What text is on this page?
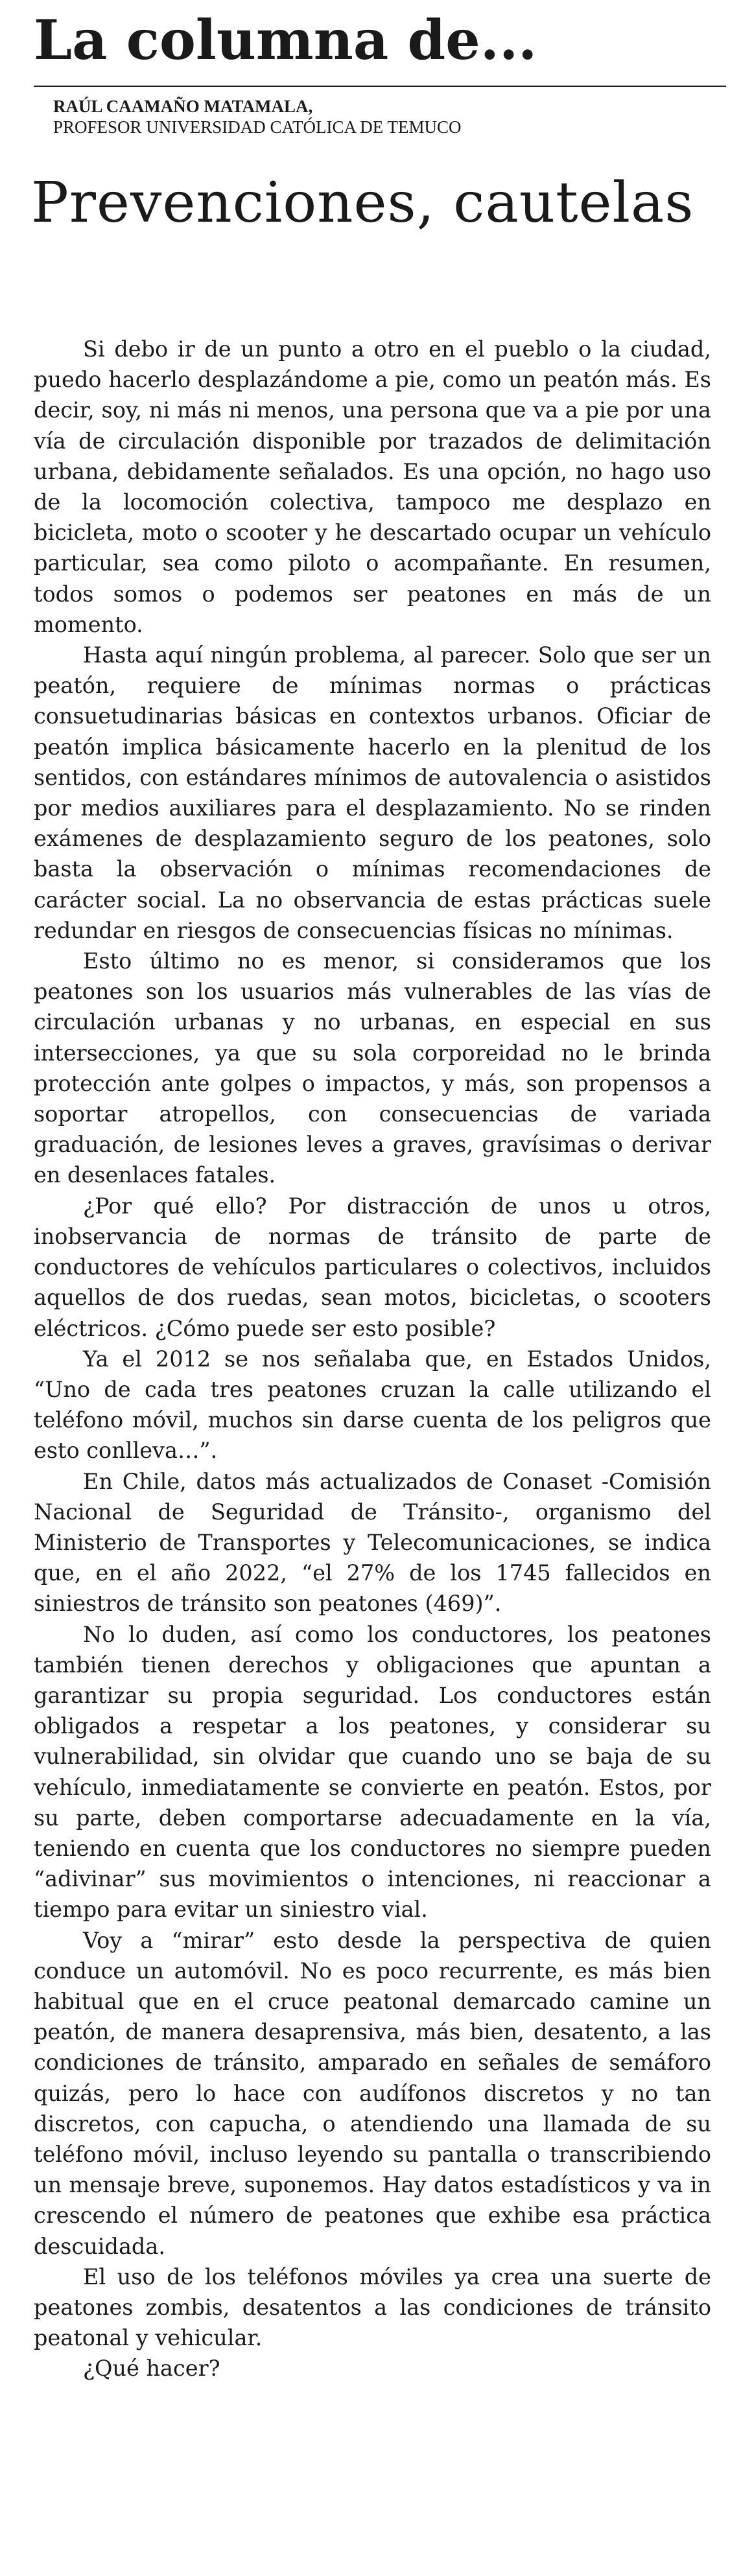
La columna de...

RAÚL CAAMAÑO MATAMALA,

PROFESOR UNIVERSIDAD CATÓLICA DE TEMUCO

Prevenciones, cautelas

Si debo ir de un punto a otro en el pueblo o la ciudad, puedo hacerlo desplazándome a pie, como un peatón más. Es decir, soy, ni más ni menos, una persona que va a pie por una vía de circulación disponible por trazados de delimitación urbana, debidamente señalados. Es una opción, no hago uso de la locomoción colectiva, tampoco me desplazo en bicicleta, moto o scooter y he descartado ocupar un vehículo particular, sea como piloto o acompañante. En resumen, todos somos o podemos ser peatones en más de un momento.

Hasta aquí ningún problema, al parecer. Solo que ser un peatón, requiere de mínimas normas o prácticas consuetudinarias básicas en contextos urbanos. Oficiar de peatón implica básicamente hacerlo en la plenitud de los sentidos, con estándares mínimos de autovalencia o asistidos por medios auxiliares para el desplazamiento. No se rinden exámenes de desplazamiento seguro de los peatones, solo basta la observación o mínimas recomendaciones de carácter social. La no observancia de estas prácticas suele redundar en riesgos de consecuencias físicas no mínimas.

Esto último no es menor, si consideramos que los peatones son los usuarios más vulnerables de las vías de circulación urbanas y no urbanas, en especial en sus intersecciones, ya que su sola corporeidad no le brinda protección ante golpes o impactos, y más, son propensos a soportar atropellos, con consecuencias de variada graduación, de lesiones leves a graves, gravísimas o derivar en desenlaces fatales.

¿Por qué ello? Por distracción de unos u otros, inobservancia de normas de tránsito de parte de conductores de vehículos particulares o colectivos, incluidos aquellos de dos ruedas, sean motos, bicicletas, o scooters eléctricos. ¿Cómo puede ser esto posible?

Ya el 2012 se nos señalaba que, en Estados Unidos, “Uno de cada tres peatones cruzan la calle utilizando el teléfono móvil, muchos sin darse cuenta de los peligros que esto conlleva…”.

En Chile, datos más actualizados de Conaset -Comisión Nacional de Seguridad de Tránsito-, organismo del Ministerio de Transportes y Telecomunicaciones, se indica que, en el año 2022, “el 27% de los 1745 fallecidos en siniestros de tránsito son peatones (469)”.

No lo duden, así como los conductores, los peatones también tienen derechos y obligaciones que apuntan a garantizar su propia seguridad. Los conductores están obligados a respetar a los peatones, y considerar su vulnerabilidad, sin olvidar que cuando uno se baja de su vehículo, inmediatamente se convierte en peatón. Estos, por su parte, deben comportarse adecuadamente en la vía, teniendo en cuenta que los conductores no siempre pueden “adivinar” sus movimientos o intenciones, ni reaccionar a tiempo para evitar un siniestro vial.

Voy a “mirar” esto desde la perspectiva de quien conduce un automóvil. No es poco recurrente, es más bien habitual que en el cruce peatonal demarcado camine un peatón, de manera desaprensiva, más bien, desatento, a las condiciones de tránsito, amparado en señales de semáforo quizás, pero lo hace con audífonos discretos y no tan discretos, con capucha, o atendiendo una llamada de su teléfono móvil, incluso leyendo su pantalla o transcribiendo un mensaje breve, suponemos. Hay datos estadísticos y va in crescendo el número de peatones que exhibe esa práctica descuidada.

El uso de los teléfonos móviles ya crea una suerte de peatones zombis, desatentos a las condiciones de tránsito peatonal y vehicular.

¿Qué hacer?
